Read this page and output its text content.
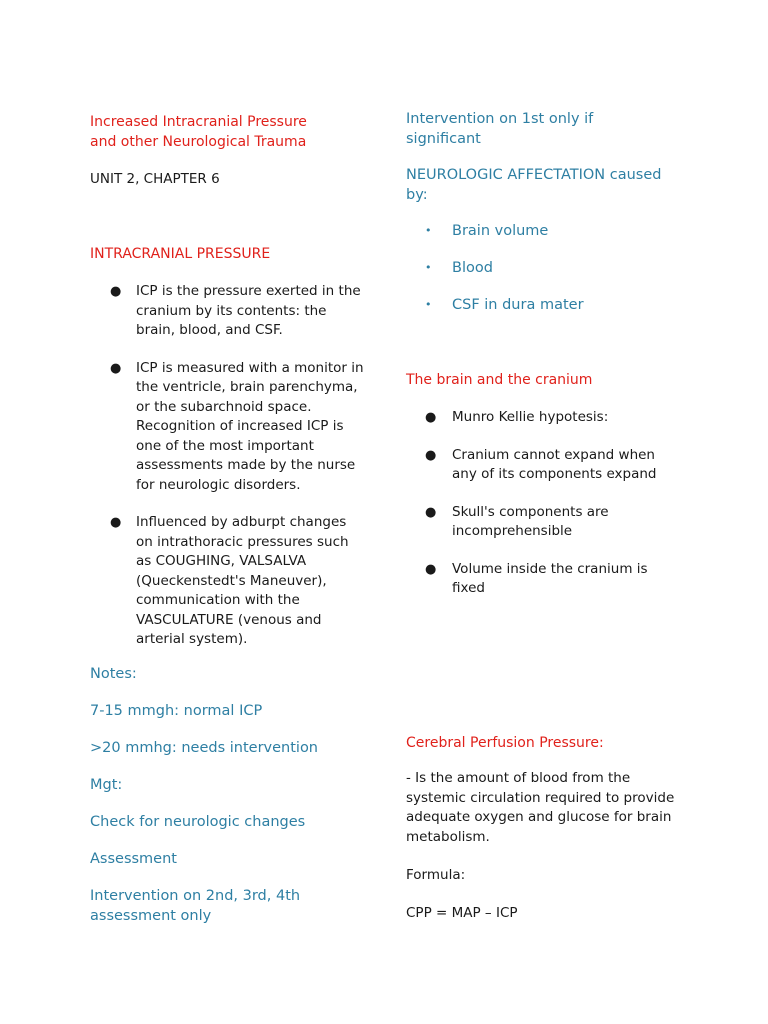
Increased Intracranial Pressure
and other Neurological Trauma

UNIT 2, CHAPTER 6

INTRACRANIAL PRESSURE

● ICP is the pressure exerted in the cranium by its contents: the brain, blood, and CSF.
● ICP is measured with a monitor in the ventricle, brain parenchyma, or the subarchnoid space. Recognition of increased ICP is one of the most important assessments made by the nurse for neurologic disorders.
● Influenced by adburpt changes on intrathoracic pressures such as COUGHING, VALSALVA (Queckenstedt's Maneuver), communication with the VASCULATURE (venous and arterial system).

Notes:

7-15 mmgh: normal ICP

>20 mmhg: needs intervention

Mgt:

Check for neurologic changes

Assessment

Intervention on 2nd, 3rd, 4th
assessment only

Intervention on 1st only if
significant

NEUROLOGIC AFFECTATION caused
by:

• Brain volume
• Blood
• CSF in dura mater

The brain and the cranium

● Munro Kellie hypotesis:
● Cranium cannot expand when any of its components expand
● Skull's components are incomprehensible
● Volume inside the cranium is fixed

Cerebral Perfusion Pressure:

- Is the amount of blood from the systemic circulation required to provide adequate oxygen and glucose for brain metabolism.

Formula:

CPP = MAP – ICP
